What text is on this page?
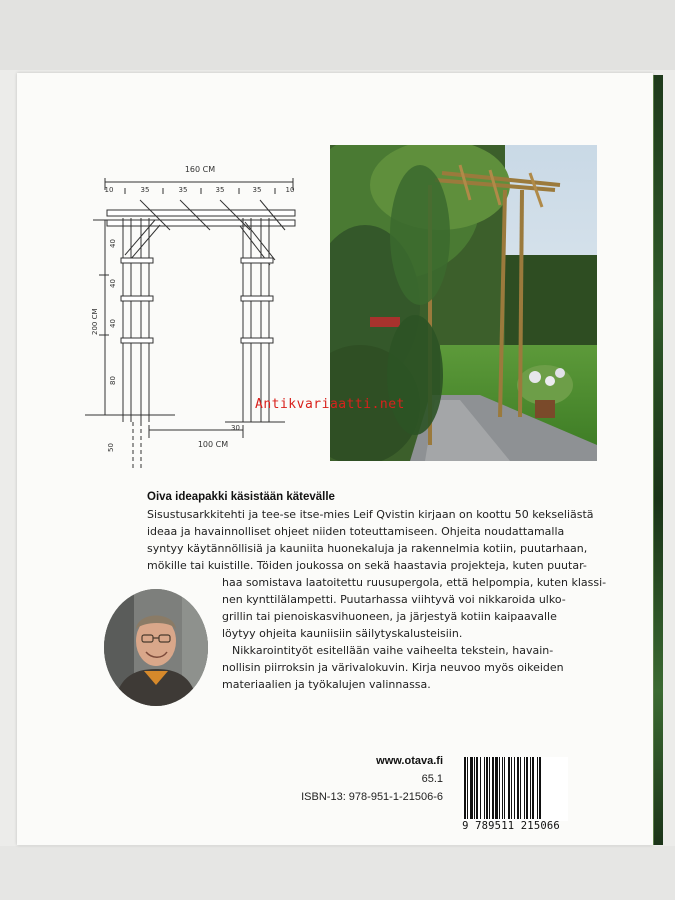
160 CM
10	35	35	35	35	10
40
40
40
80
50
200 CM
30
100 CM
Antikvariaatti.net
Oiva ideapakki käsistään kätevälle
Sisustusarkkitehti ja tee-se itse-mies Leif Qvistin kirjaan on koottu 50 kekseliästä
ideaa ja havainnolliset ohjeet niiden toteuttamiseen. Ohjeita noudattamalla
syntyy käytännöllisiä ja kauniita huonekaluja ja rakennelmia kotiin, puutarhaan,
mökille tai kuistille. Töiden joukossa on sekä haastavia projekteja, kuten puutar-
haa somistava laatoitettu ruusupergola, että helpompia, kuten klassi-
nen kynttilälampetti. Puutarhassa viihtyvä voi nikkaroida ulko-
grillin tai pienoiskasvihuoneen, ja järjestyä kotiin kaipaavalle
löytyy ohjeita kauniisiin säilytyskalusteisiin.
Nikkarointityöt esitellään vaihe vaiheelta tekstein, havain-
nollisin piirroksin ja värivalokuvin. Kirja neuvoo myös oikeiden
materiaalien ja työkalujen valinnassa.
www.otava.fi
65.1
ISBN-13: 978-951-1-21506-6
9 789511 215066
